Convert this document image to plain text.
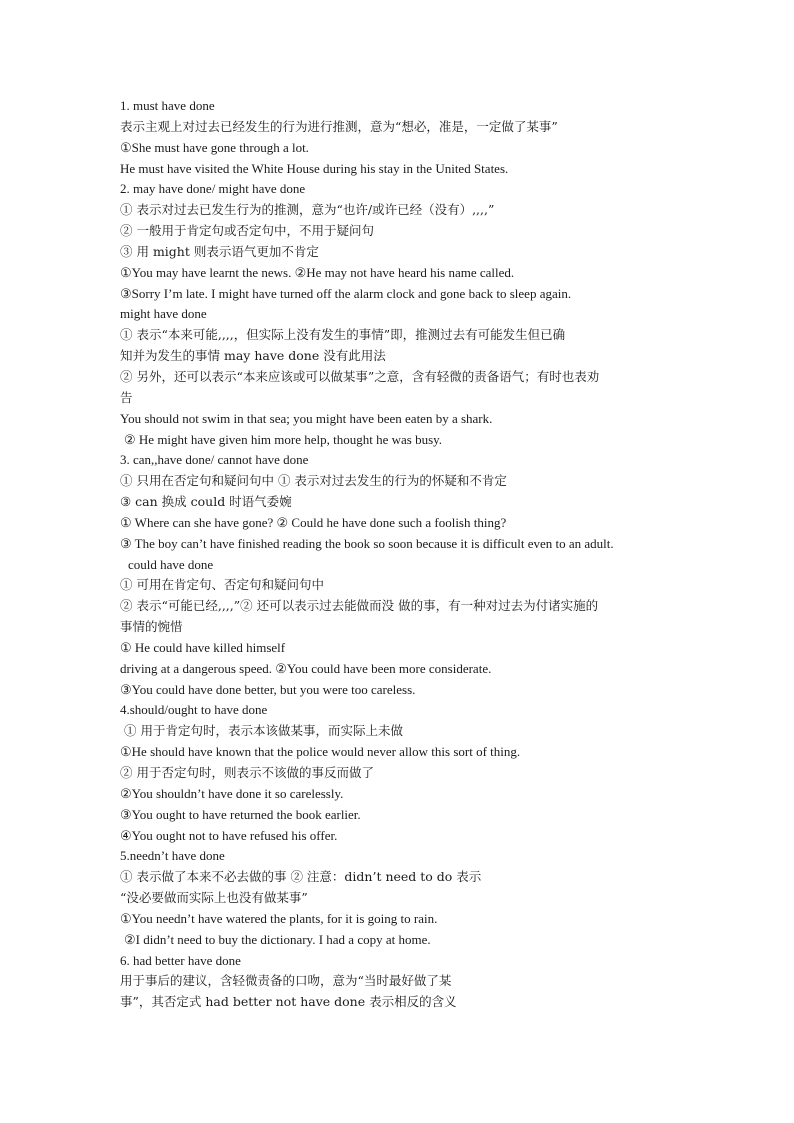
1. must have done
表示主观上对过去已经发生的行为进行推测，意为“想必，准是，一定做了某事”
①She must have gone through a lot.
He must have visited the White House during his stay in the United States.
2. may have done/ might have done
① 表示对过去已发生行为的推测，意为“也许/或许已经（没有）,,,,”
② 一般用于肯定句或否定句中，不用于疑问句
③ 用 might 则表示语气更加不肯定
①You may have learnt the news. ②He may not have heard his name called.
③Sorry I’m late. I might have turned off the alarm clock and gone back to sleep again.
might have done
① 表示“本来可能,,,,，但实际上没有发生的事情”即，推测过去有可能发生但已确
知并为发生的事情 may have done 没有此用法
② 另外，还可以表示“本来应该或可以做某事”之意，含有轻微的责备语气；有时也表劝
告
You should not swim in that sea; you might have been eaten by a shark.
② He might have given him more help, thought he was busy.
3. can,,have done/ cannot have done
① 只用在否定句和疑问句中 ① 表示对过去发生的行为的怀疑和不肯定
③ can 换成 could 时语气委婉
① Where can she have gone? ② Could he have done such a foolish thing?
③ The boy can’t have finished reading the book so soon because it is difficult even to an adult.
could have done
① 可用在肯定句、否定句和疑问句中
② 表示“可能已经,,,,”② 还可以表示过去能做而没 做的事，有一种对过去为付诸实施的
事情的惋惜
① He could have killed himself
driving at a dangerous speed. ②You could have been more considerate.
③You could have done better, but you were too careless.
4.should/ought to have done
① 用于肯定句时，表示本该做某事，而实际上未做
①He should have known that the police would never allow this sort of thing.
② 用于否定句时，则表示不该做的事反而做了
②You shouldn’t have done it so carelessly.
③You ought to have returned the book earlier.
④You ought not to have refused his offer.
5.needn’t have done
① 表示做了本来不必去做的事 ② 注意：didn’t need to do 表示
“没必要做而实际上也没有做某事”
①You needn’t have watered the plants, for it is going to rain.
②I didn’t need to buy the dictionary. I had a copy at home.
6. had better have done
用于事后的建议，含轻微责备的口吻，意为“当时最好做了某
事”，其否定式 had better not have done 表示相反的含义
